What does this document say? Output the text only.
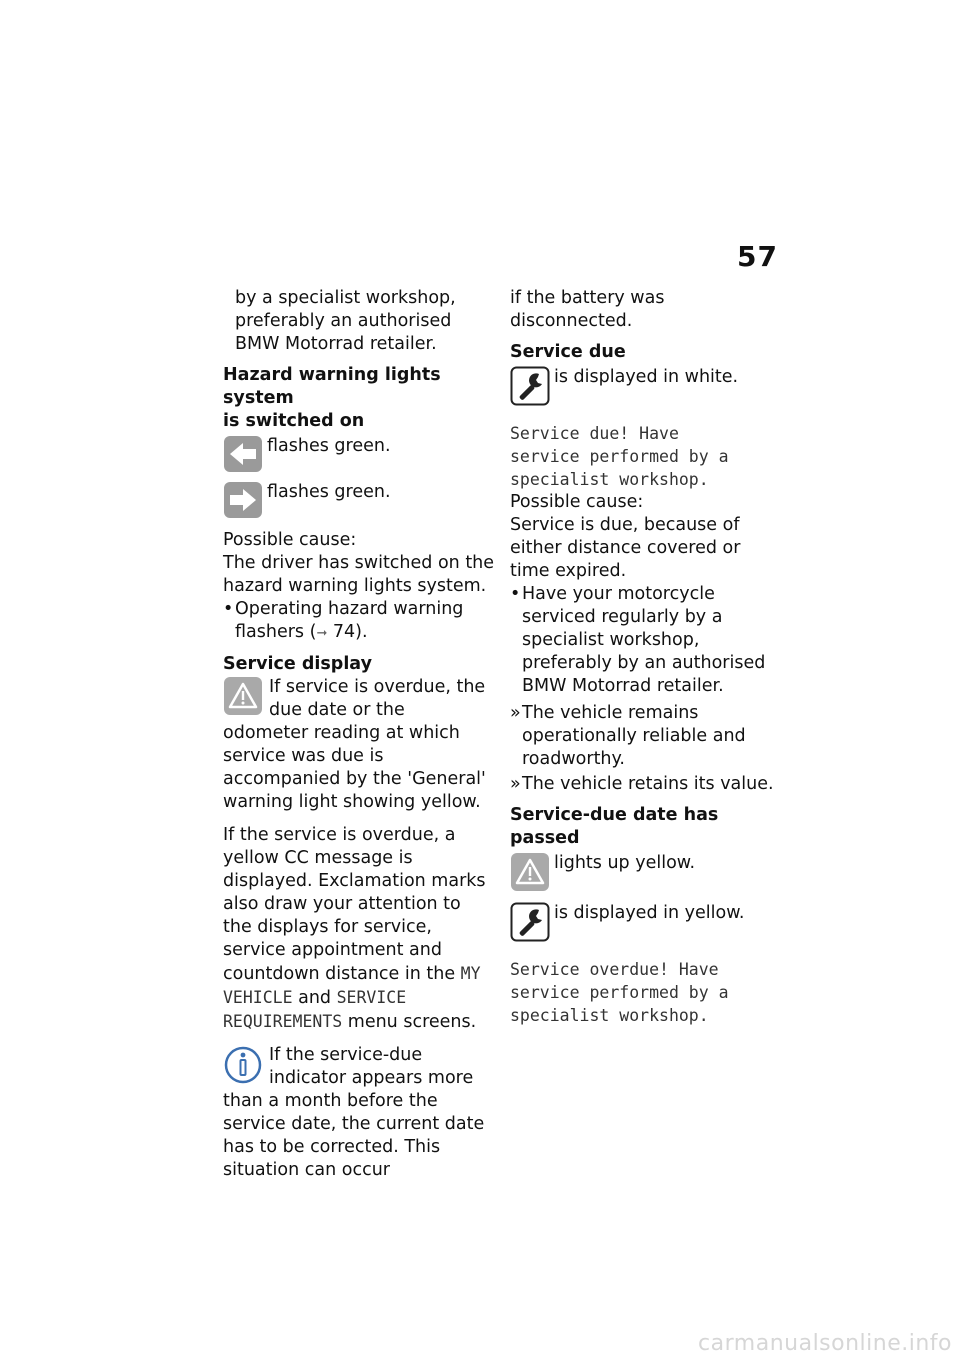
57

by a specialist workshop,

preferably an authorised

BMW Motorrad retailer.

Hazard warning lights system
is switched on

flashes green.
flashes green.

Possible cause:

The driver has switched on the hazard warning lights system.

• Operating hazard warning flashers (➞ 74).

Service display

If service is overdue, the due date or the odometer reading at which service was due is accompanied by the 'General' warning light showing yellow.

If the service is overdue, a yellow CC message is displayed. Exclamation marks also draw your attention to the displays for service, service appointment and countdown distance in the MY VEHICLE and SERVICE REQUIREMENTS menu screens.

If the service-due indicator appears more than a month before the service date, the current date has to be corrected. This situation can occur

if the battery was disconnected.

Service due

is displayed in white.
Service due! Have
service performed by a
specialist workshop.

Possible cause:

Service is due, because of either distance covered or time expired.

• Have your motorcycle serviced regularly by a specialist workshop, preferably by an authorised BMW Motorrad retailer.

» The vehicle remains operationally reliable and roadworthy.

» The vehicle retains its value.

Service-due date has passed

lights up yellow.
is displayed in yellow.
Service overdue! Have
service performed by a
specialist workshop.
carmanualsonline.info
